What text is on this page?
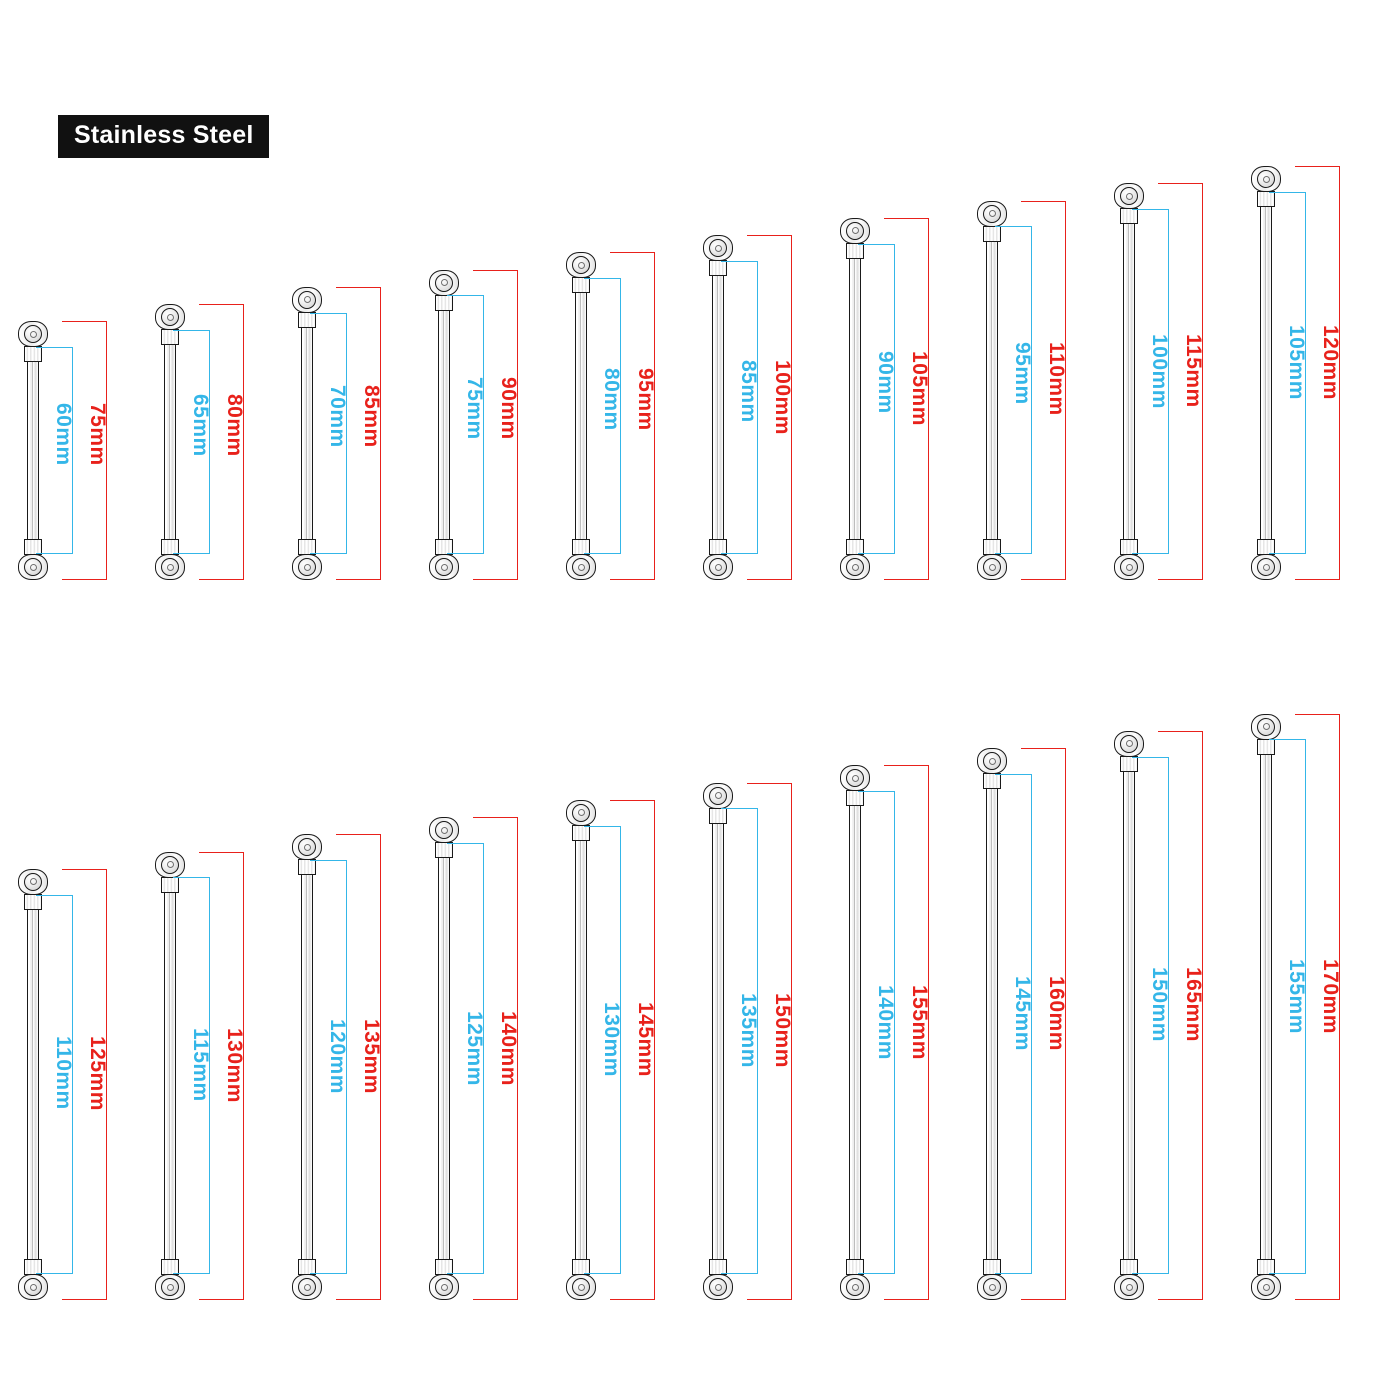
Stainless Steel
75mm
60mm	80mm
65mm	85mm
70mm	90mm
75mm	95mm
80mm	100mm
85mm	105mm
90mm	110mm
95mm	115mm
100mm	120mm
105mm
125mm
110mm	130mm
115mm	135mm
120mm	140mm
125mm	145mm
130mm	150mm
135mm	155mm
140mm	160mm
145mm	165mm
150mm	170mm
155mm
